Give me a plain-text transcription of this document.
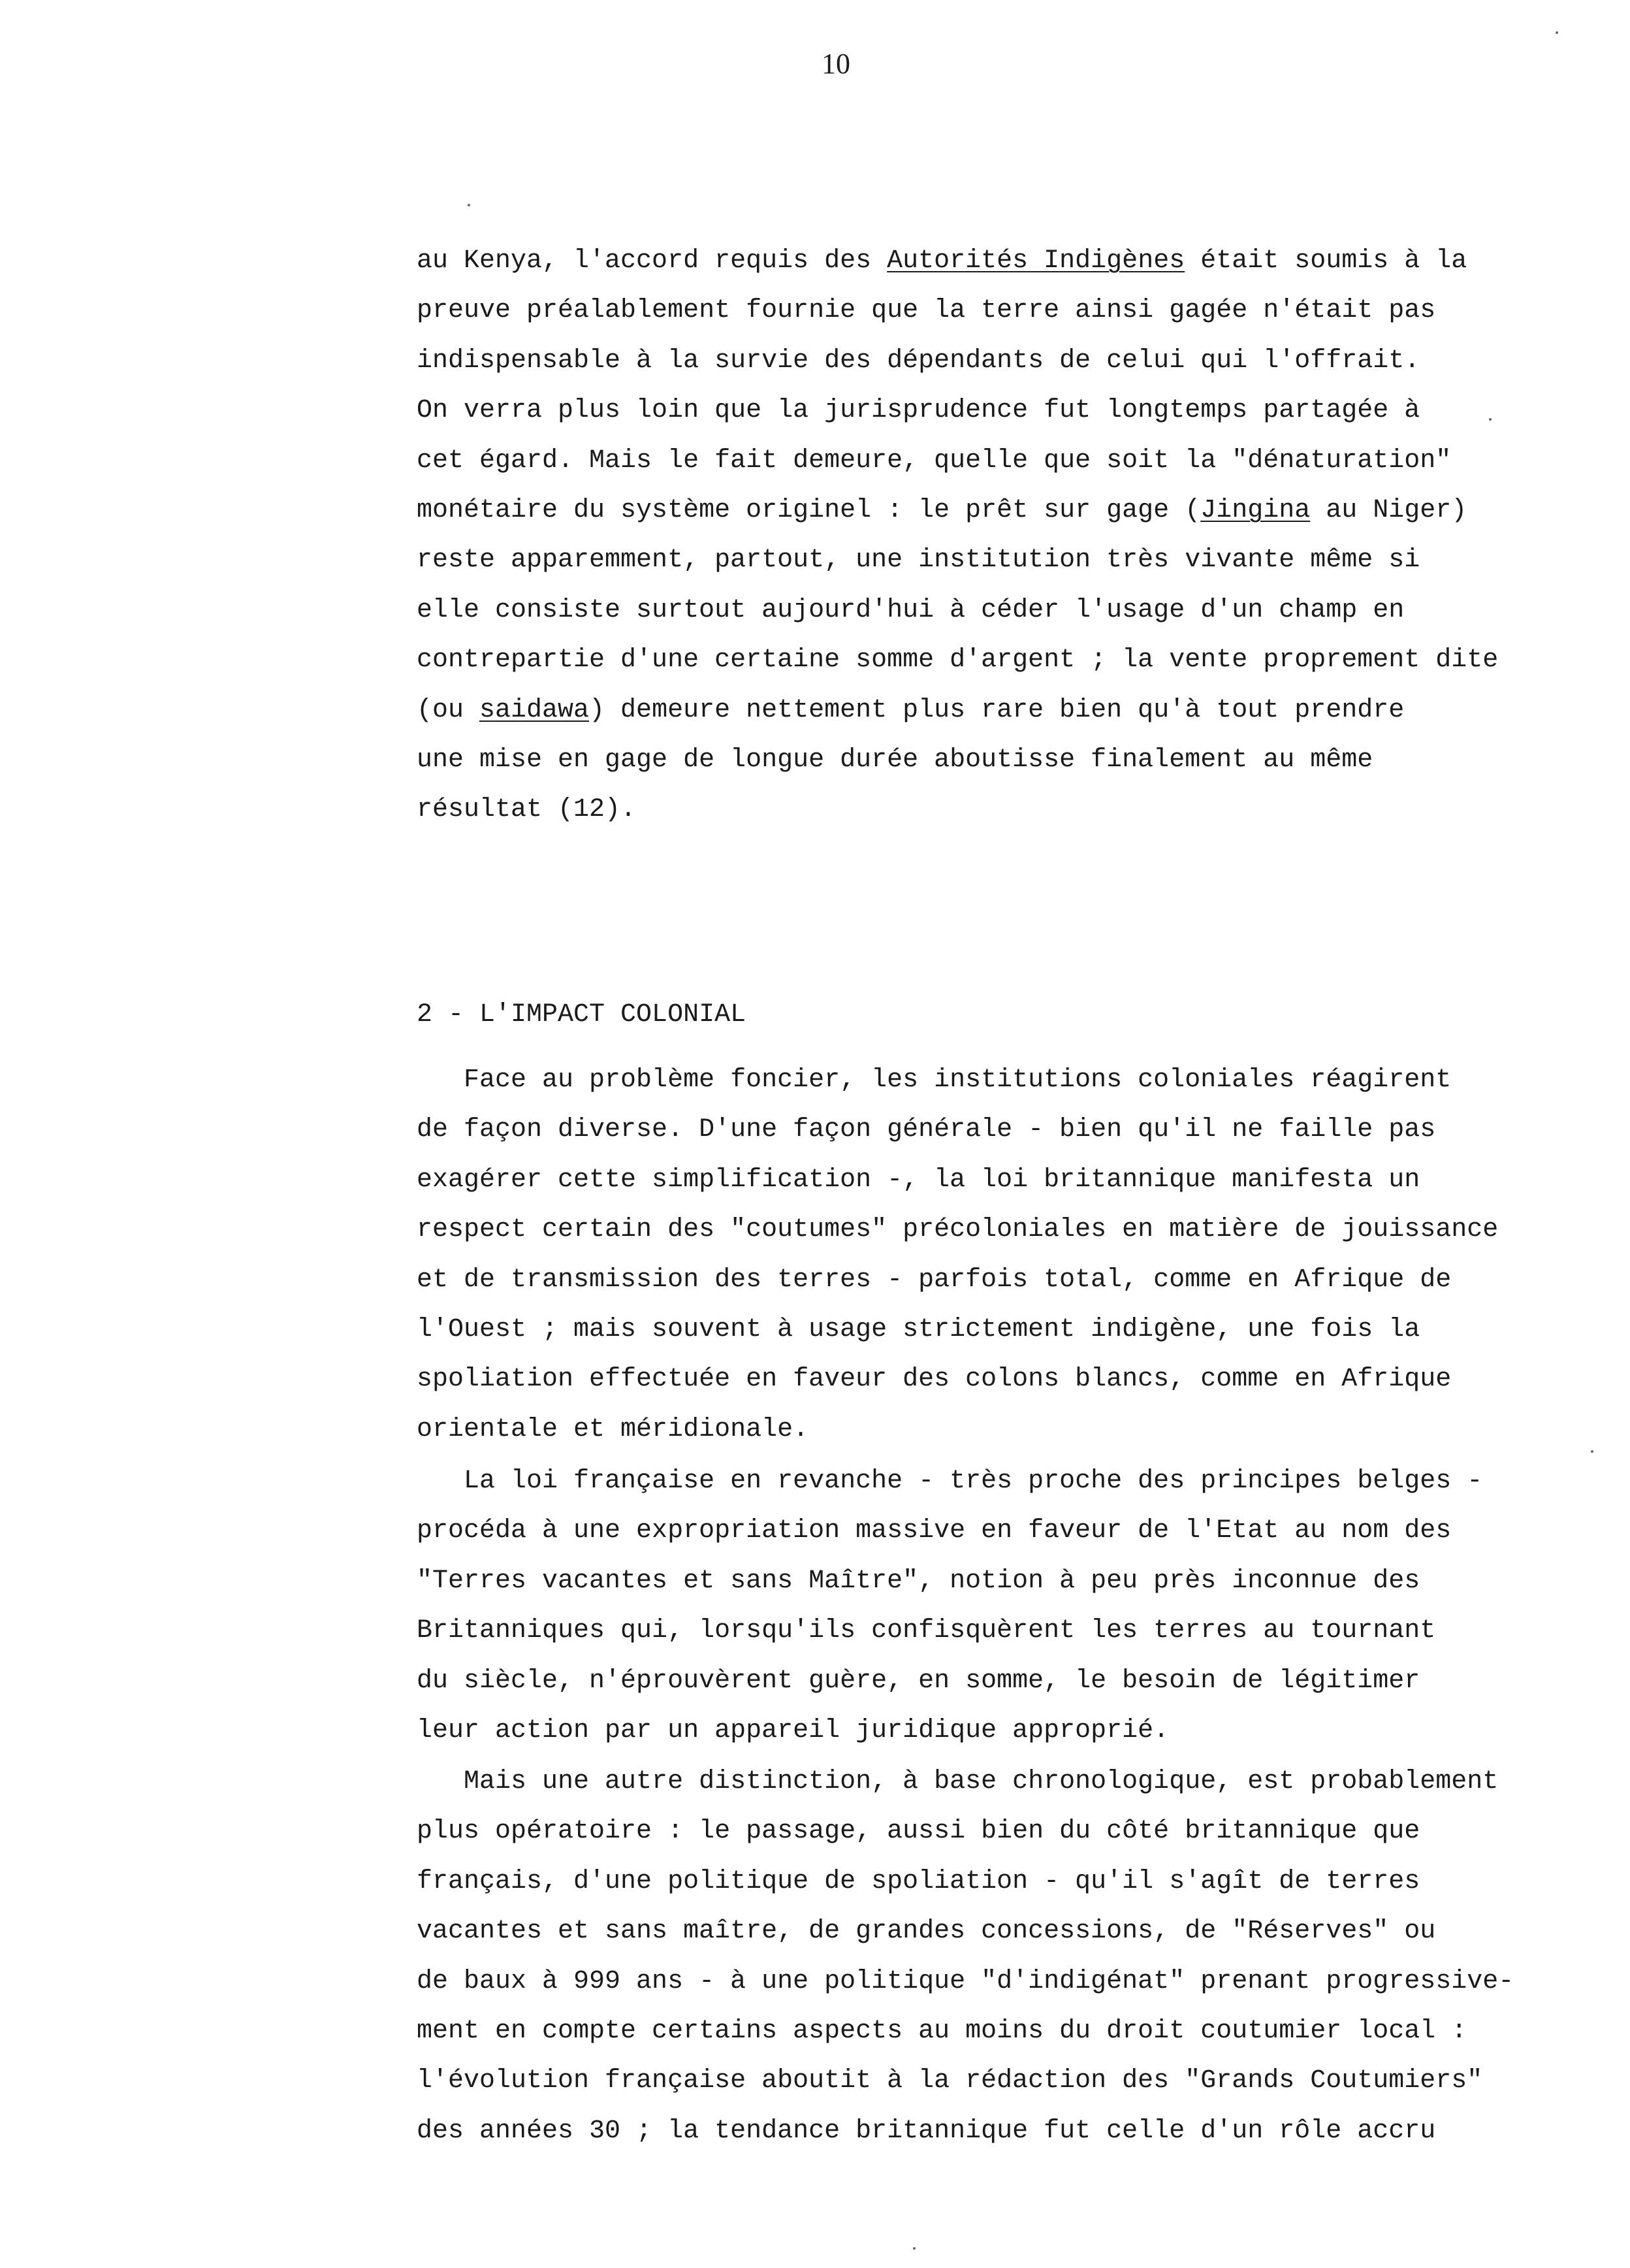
10
au Kenya, l'accord requis des Autorités Indigènes était soumis à la
preuve préalablement fournie que la terre ainsi gagée n'était pas
indispensable à la survie des dépendants de celui qui l'offrait.
On verra plus loin que la jurisprudence fut longtemps partagée à
cet égard. Mais le fait demeure, quelle que soit la "dénaturation"
monétaire du système originel : le prêt sur gage (Jingina au Niger)
reste apparemment, partout, une institution très vivante même si
elle consiste surtout aujourd'hui à céder l'usage d'un champ en
contrepartie d'une certaine somme d'argent ; la vente proprement dite
(ou saidawa) demeure nettement plus rare bien qu'à tout prendre
une mise en gage de longue durée aboutisse finalement au même
résultat (12).
2 - L'IMPACT COLONIAL
Face au problème foncier, les institutions coloniales réagirent
de façon diverse. D'une façon générale - bien qu'il ne faille pas
exagérer cette simplification -, la loi britannique manifesta un
respect certain des "coutumes" précoloniales en matière de jouissance
et de transmission des terres - parfois total, comme en Afrique de
l'Ouest ; mais souvent à usage strictement indigène, une fois la
spoliation effectuée en faveur des colons blancs, comme en Afrique
orientale et méridionale.
La loi française en revanche - très proche des principes belges -
procéda à une expropriation massive en faveur de l'Etat au nom des
"Terres vacantes et sans Maître", notion à peu près inconnue des
Britanniques qui, lorsqu'ils confisquèrent les terres au tournant
du siècle, n'éprouvèrent guère, en somme, le besoin de légitimer
leur action par un appareil juridique approprié.
Mais une autre distinction, à base chronologique, est probablement
plus opératoire : le passage, aussi bien du côté britannique que
français, d'une politique de spoliation - qu'il s'agît de terres
vacantes et sans maître, de grandes concessions, de "Réserves" ou
de baux à 999 ans - à une politique "d'indigénat" prenant progressive-
ment en compte certains aspects au moins du droit coutumier local :
l'évolution française aboutit à la rédaction des "Grands Coutumiers"
des années 30 ; la tendance britannique fut celle d'un rôle accru
